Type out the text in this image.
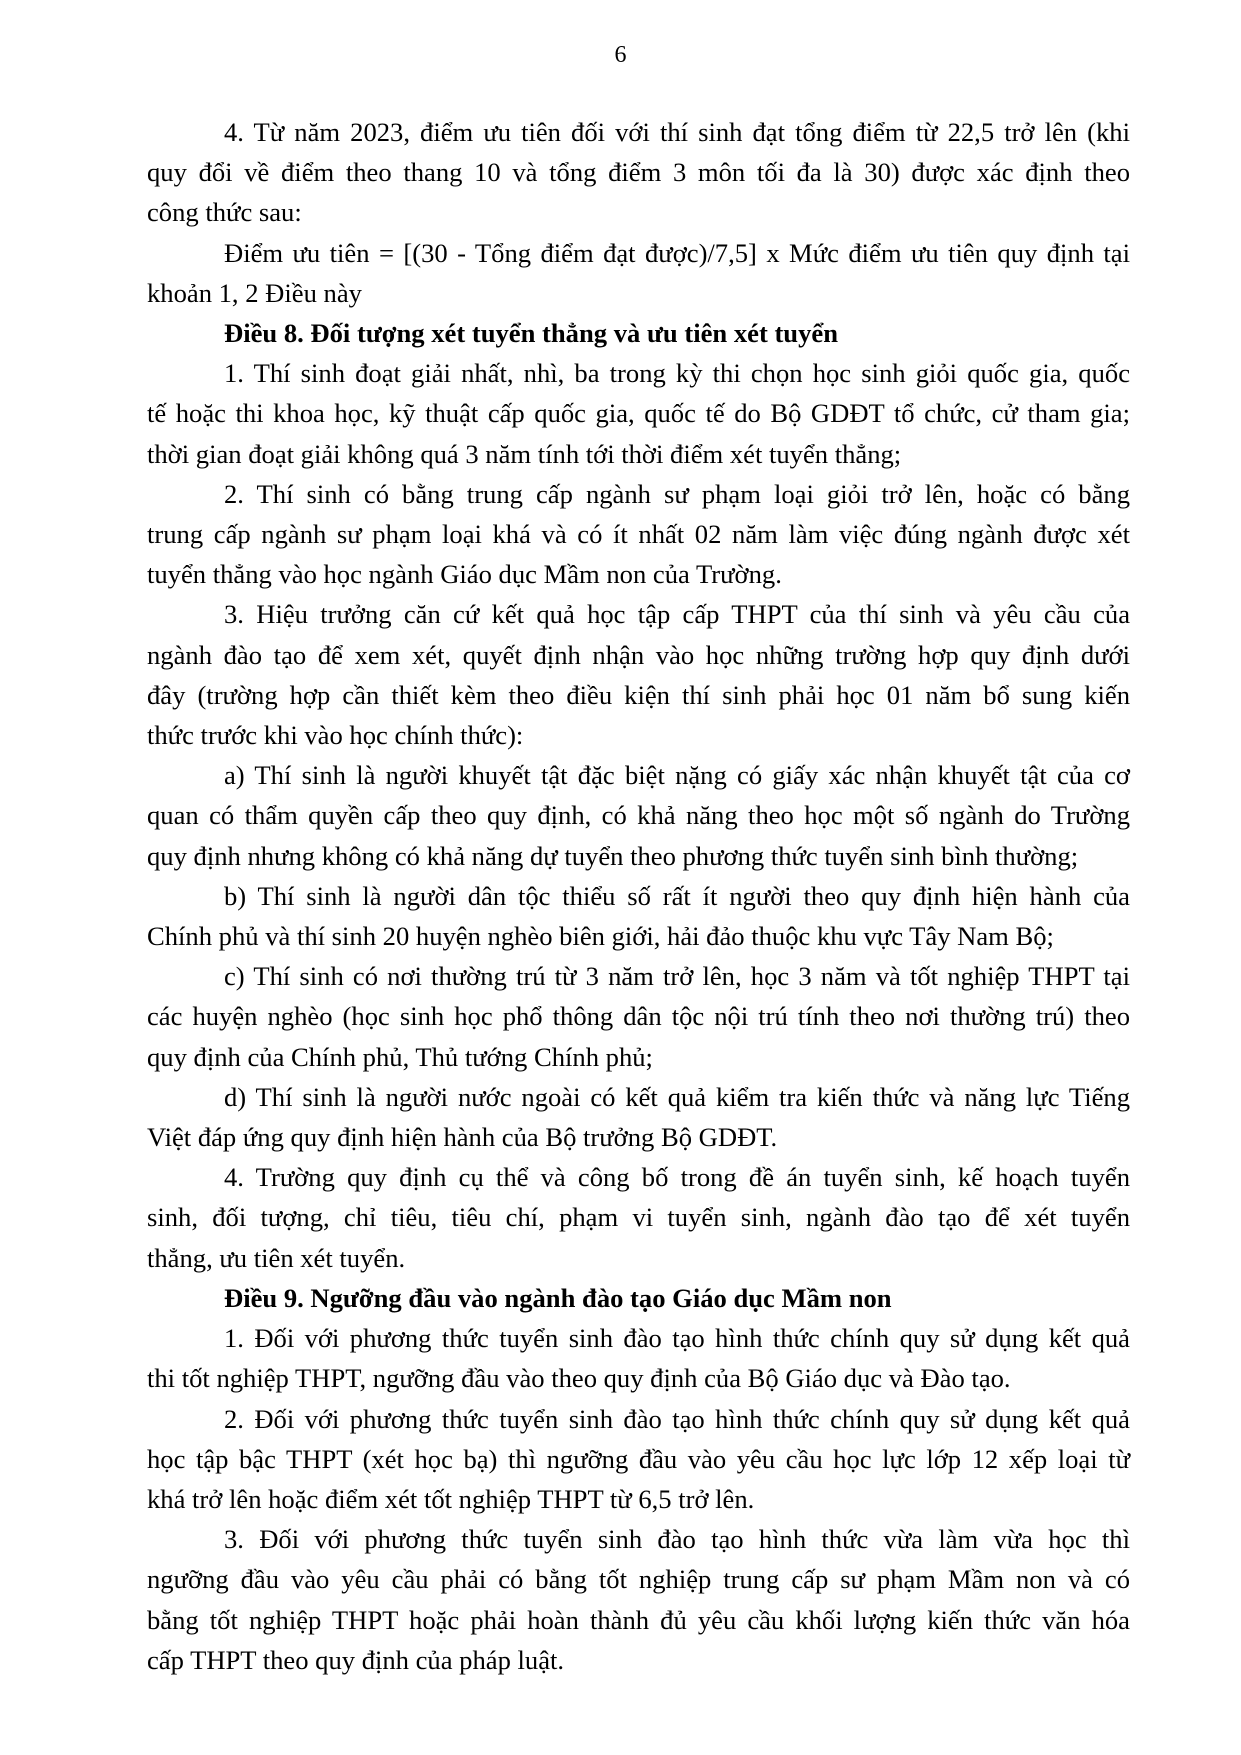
6

4. Từ năm 2023, điểm ưu tiên đối với thí sinh đạt tổng điểm từ 22,5 trở lên (khi
quy đổi về điểm theo thang 10 và tổng điểm 3 môn tối đa là 30) được xác định theo
công thức sau:

Điểm ưu tiên = [(30 - Tổng điểm đạt được)/7,5] x Mức điểm ưu tiên quy định tại
khoản 1, 2 Điều này

Điều 8. Đối tượng xét tuyển thẳng và ưu tiên xét tuyển

1. Thí sinh đoạt giải nhất, nhì, ba trong kỳ thi chọn học sinh giỏi quốc gia, quốc
tế hoặc thi khoa học, kỹ thuật cấp quốc gia, quốc tế do Bộ GDĐT tổ chức, cử tham gia;
thời gian đoạt giải không quá 3 năm tính tới thời điểm xét tuyển thẳng;

2. Thí sinh có bằng trung cấp ngành sư phạm loại giỏi trở lên, hoặc có bằng
trung cấp ngành sư phạm loại khá và có ít nhất 02 năm làm việc đúng ngành được xét
tuyển thẳng vào học ngành Giáo dục Mầm non của Trường.

3. Hiệu trưởng căn cứ kết quả học tập cấp THPT của thí sinh và yêu cầu của
ngành đào tạo để xem xét, quyết định nhận vào học những trường hợp quy định dưới
đây (trường hợp cần thiết kèm theo điều kiện thí sinh phải học 01 năm bổ sung kiến
thức trước khi vào học chính thức):

a) Thí sinh là người khuyết tật đặc biệt nặng có giấy xác nhận khuyết tật của cơ
quan có thẩm quyền cấp theo quy định, có khả năng theo học một số ngành do Trường
quy định nhưng không có khả năng dự tuyển theo phương thức tuyển sinh bình thường;

b) Thí sinh là người dân tộc thiểu số rất ít người theo quy định hiện hành của
Chính phủ và thí sinh 20 huyện nghèo biên giới, hải đảo thuộc khu vực Tây Nam Bộ;

c) Thí sinh có nơi thường trú từ 3 năm trở lên, học 3 năm và tốt nghiệp THPT tại
các huyện nghèo (học sinh học phổ thông dân tộc nội trú tính theo nơi thường trú) theo
quy định của Chính phủ, Thủ tướng Chính phủ;

d) Thí sinh là người nước ngoài có kết quả kiểm tra kiến thức và năng lực Tiếng
Việt đáp ứng quy định hiện hành của Bộ trưởng Bộ GDĐT.

4. Trường quy định cụ thể và công bố trong đề án tuyển sinh, kế hoạch tuyển
sinh, đối tượng, chỉ tiêu, tiêu chí, phạm vi tuyển sinh, ngành đào tạo để xét tuyển
thẳng, ưu tiên xét tuyển.

Điều 9. Ngưỡng đầu vào ngành đào tạo Giáo dục Mầm non

1. Đối với phương thức tuyển sinh đào tạo hình thức chính quy sử dụng kết quả
thi tốt nghiệp THPT, ngưỡng đầu vào theo quy định của Bộ Giáo dục và Đào tạo.

2. Đối với phương thức tuyển sinh đào tạo hình thức chính quy sử dụng kết quả
học tập bậc THPT (xét học bạ) thì ngưỡng đầu vào yêu cầu học lực lớp 12 xếp loại từ
khá trở lên hoặc điểm xét tốt nghiệp THPT từ 6,5 trở lên.

3. Đối với phương thức tuyển sinh đào tạo hình thức vừa làm vừa học thì
ngưỡng đầu vào yêu cầu phải có bằng tốt nghiệp trung cấp sư phạm Mầm non và có
bằng tốt nghiệp THPT hoặc phải hoàn thành đủ yêu cầu khối lượng kiến thức văn hóa
cấp THPT theo quy định của pháp luật.
